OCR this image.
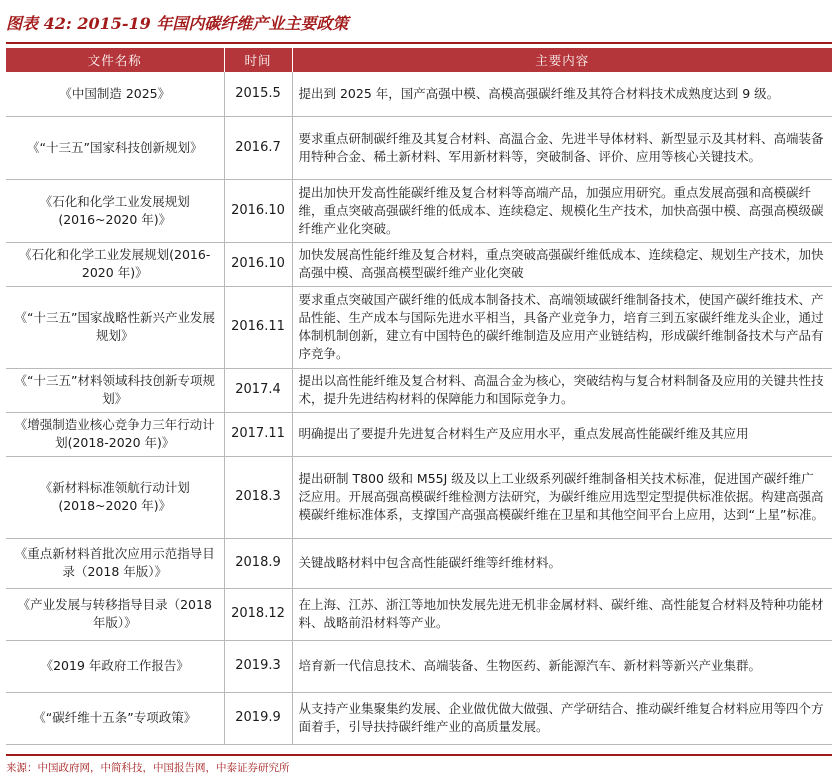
图表 42: 2015-19 年国内碳纤维产业主要政策
文件名称	时间	主要内容
《中国制造 2025》	2015.5	提出到 2025 年，国产高强中模、高模高强碳纤维及其符合材料技术成熟度达到 9 级。
《“十三五”国家科技创新规划》	2016.7	要求重点研制碳纤维及其复合材料、高温合金、先进半导体材料、新型显示及其材料、高端装备用特种合金、稀土新材料、军用新材料等，突破制备、评价、应用等核心关键技术。
《石化和化学工业发展规划(2016~2020 年)》	2016.10	提出加快开发高性能碳纤维及复合材料等高端产品，加强应用研究。重点发展高强和高模碳纤维，重点突破高强碳纤维的低成本、连续稳定、规模化生产技术，加快高强中模、高强高模级碳纤维产业化突破。
《石化和化学工业发展规划(2016-2020 年)》	2016.10	加快发展高性能纤维及复合材料，重点突破高强碳纤维低成本、连续稳定、规划生产技术，加快高强中模、高强高模型碳纤维产业化突破
《“十三五”国家战略性新兴产业发展规划》	2016.11	要求重点突破国产碳纤维的低成本制备技术、高端领域碳纤维制备技术，使国产碳纤维技术、产品性能、生产成本与国际先进水平相当，具备产业竞争力，培育三到五家碳纤维龙头企业，通过体制机制创新，建立有中国特色的碳纤维制造及应用产业链结构，形成碳纤维制备技术与产品有序竞争。
《“十三五”材料领域科技创新专项规划》	2017.4	提出以高性能纤维及复合材料、高温合金为核心，突破结构与复合材料制备及应用的关键共性技术，提升先进结构材料的保障能力和国际竞争力。
《增强制造业核心竞争力三年行动计划(2018-2020 年)》	2017.11	明确提出了要提升先进复合材料生产及应用水平，重点发展高性能碳纤维及其应用
《新材料标准领航行动计划(2018~2020 年)》	2018.3	提出研制 T800 级和 M55J 级及以上工业级系列碳纤维制备相关技术标准，促进国产碳纤维广泛应用。开展高强高模碳纤维检测方法研究，为碳纤维应用选型定型提供标准依据。构建高强高模碳纤维标准体系，支撑国产高强高模碳纤维在卫星和其他空间平台上应用，达到“上星”标准。
《重点新材料首批次应用示范指导目录（2018 年版）》	2018.9	关键战略材料中包含高性能碳纤维等纤维材料。
《产业发展与转移指导目录（2018 年版）》	2018.12	在上海、江苏、浙江等地加快发展先进无机非金属材料、碳纤维、高性能复合材料及特种功能材料、战略前沿材料等产业。
《2019 年政府工作报告》	2019.3	培育新一代信息技术、高端装备、生物医药、新能源汽车、新材料等新兴产业集群。
《“碳纤维十五条”专项政策》	2019.9	从支持产业集聚集约发展、企业做优做大做强、产学研结合、推动碳纤维复合材料应用等四个方面着手，引导扶持碳纤维产业的高质量发展。
来源：中国政府网，中简科技，中国报告网，中泰证券研究所
